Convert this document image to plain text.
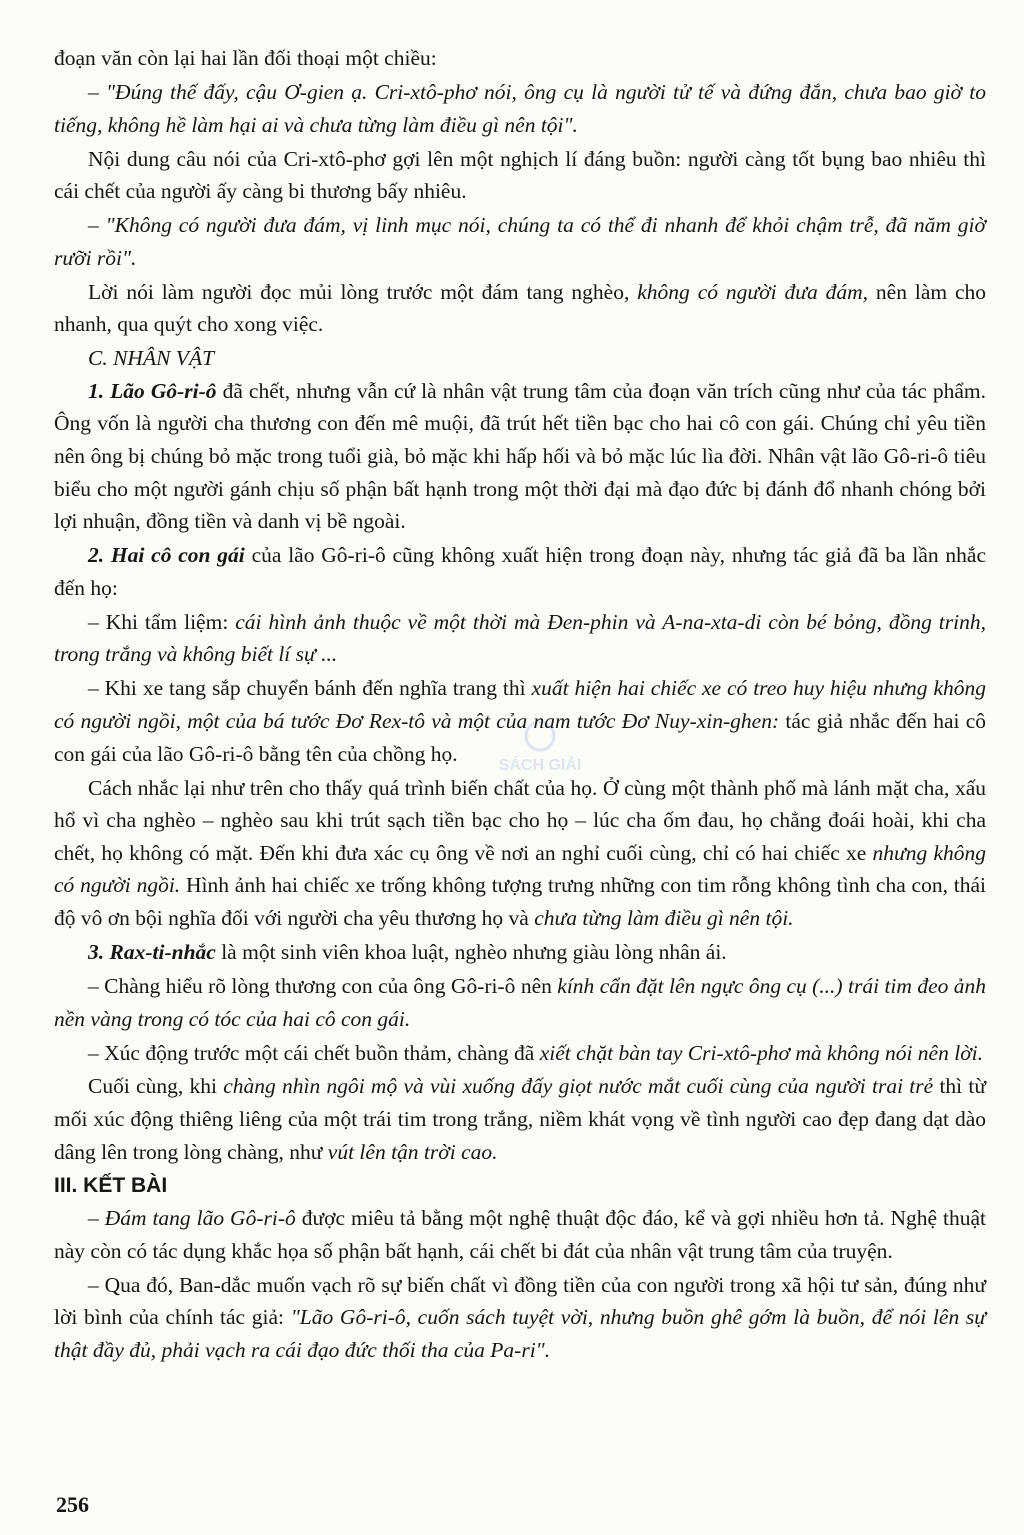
đoạn văn còn lại hai lần đối thoại một chiều:

– "Đúng thế đấy, cậu Ơ-gien ạ. Cri-xtô-phơ nói, ông cụ là người tử tế và đứng đắn, chưa bao giờ to tiếng, không hề làm hại ai và chưa từng làm điều gì nên tội".

Nội dung câu nói của Cri-xtô-phơ gợi lên một nghịch lí đáng buồn: người càng tốt bụng bao nhiêu thì cái chết của người ấy càng bi thương bấy nhiêu.

– "Không có người đưa đám, vị linh mục nói, chúng ta có thể đi nhanh để khỏi chậm trễ, đã năm giờ rưỡi rồi".

Lời nói làm người đọc mủi lòng trước một đám tang nghèo, không có người đưa đám, nên làm cho nhanh, qua quýt cho xong việc.

C. NHÂN VẬT

1. Lão Gô-ri-ô đã chết, nhưng vẫn cứ là nhân vật trung tâm của đoạn văn trích cũng như của tác phẩm. Ông vốn là người cha thương con đến mê muội, đã trút hết tiền bạc cho hai cô con gái. Chúng chỉ yêu tiền nên ông bị chúng bỏ mặc trong tuổi già, bỏ mặc khi hấp hối và bỏ mặc lúc lìa đời. Nhân vật lão Gô-ri-ô tiêu biểu cho một người gánh chịu số phận bất hạnh trong một thời đại mà đạo đức bị đánh đổ nhanh chóng bởi lợi nhuận, đồng tiền và danh vị bề ngoài.

2. Hai cô con gái của lão Gô-ri-ô cũng không xuất hiện trong đoạn này, nhưng tác giả đã ba lần nhắc đến họ:

– Khi tẩm liệm: cái hình ảnh thuộc về một thời mà Đen-phin và A-na-xta-di còn bé bỏng, đồng trinh, trong trắng và không biết lí sự ...

– Khi xe tang sắp chuyển bánh đến nghĩa trang thì xuất hiện hai chiếc xe có treo huy hiệu nhưng không có người ngồi, một của bá tước Đơ Rex-tô và một của nam tước Đơ Nuy-xin-ghen: tác giả nhắc đến hai cô con gái của lão Gô-ri-ô bằng tên của chồng họ.

Cách nhắc lại như trên cho thấy quá trình biến chất của họ. Ở cùng một thành phố mà lánh mặt cha, xấu hổ vì cha nghèo – nghèo sau khi trút sạch tiền bạc cho họ – lúc cha ốm đau, họ chẳng đoái hoài, khi cha chết, họ không có mặt. Đến khi đưa xác cụ ông về nơi an nghỉ cuối cùng, chỉ có hai chiếc xe nhưng không có người ngồi. Hình ảnh hai chiếc xe trống không tượng trưng những con tim rỗng không tình cha con, thái độ vô ơn bội nghĩa đối với người cha yêu thương họ và chưa từng làm điều gì nên tội.

3. Rax-ti-nhắc là một sinh viên khoa luật, nghèo nhưng giàu lòng nhân ái.

– Chàng hiểu rõ lòng thương con của ông Gô-ri-ô nên kính cẩn đặt lên ngực ông cụ (...) trái tim đeo ảnh nền vàng trong có tóc của hai cô con gái.

– Xúc động trước một cái chết buồn thảm, chàng đã xiết chặt bàn tay Cri-xtô-phơ mà không nói nên lời.

Cuối cùng, khi chàng nhìn ngôi mộ và vùi xuống đấy giọt nước mắt cuối cùng của người trai trẻ thì từ mối xúc động thiêng liêng của một trái tim trong trắng, niềm khát vọng về tình người cao đẹp đang dạt dào dâng lên trong lòng chàng, như vút lên tận trời cao.

III. KẾT BÀI

– Đám tang lão Gô-ri-ô được miêu tả bằng một nghệ thuật độc đáo, kể và gợi nhiều hơn tả. Nghệ thuật này còn có tác dụng khắc họa số phận bất hạnh, cái chết bi đát của nhân vật trung tâm của truyện.

– Qua đó, Ban-dắc muốn vạch rõ sự biến chất vì đồng tiền của con người trong xã hội tư sản, đúng như lời bình của chính tác giả: "Lão Gô-ri-ô, cuốn sách tuyệt vời, nhưng buồn ghê gớm là buồn, để nói lên sự thật đầy đủ, phải vạch ra cái đạo đức thối tha của Pa-ri".

SÁCH GIẢI
256
